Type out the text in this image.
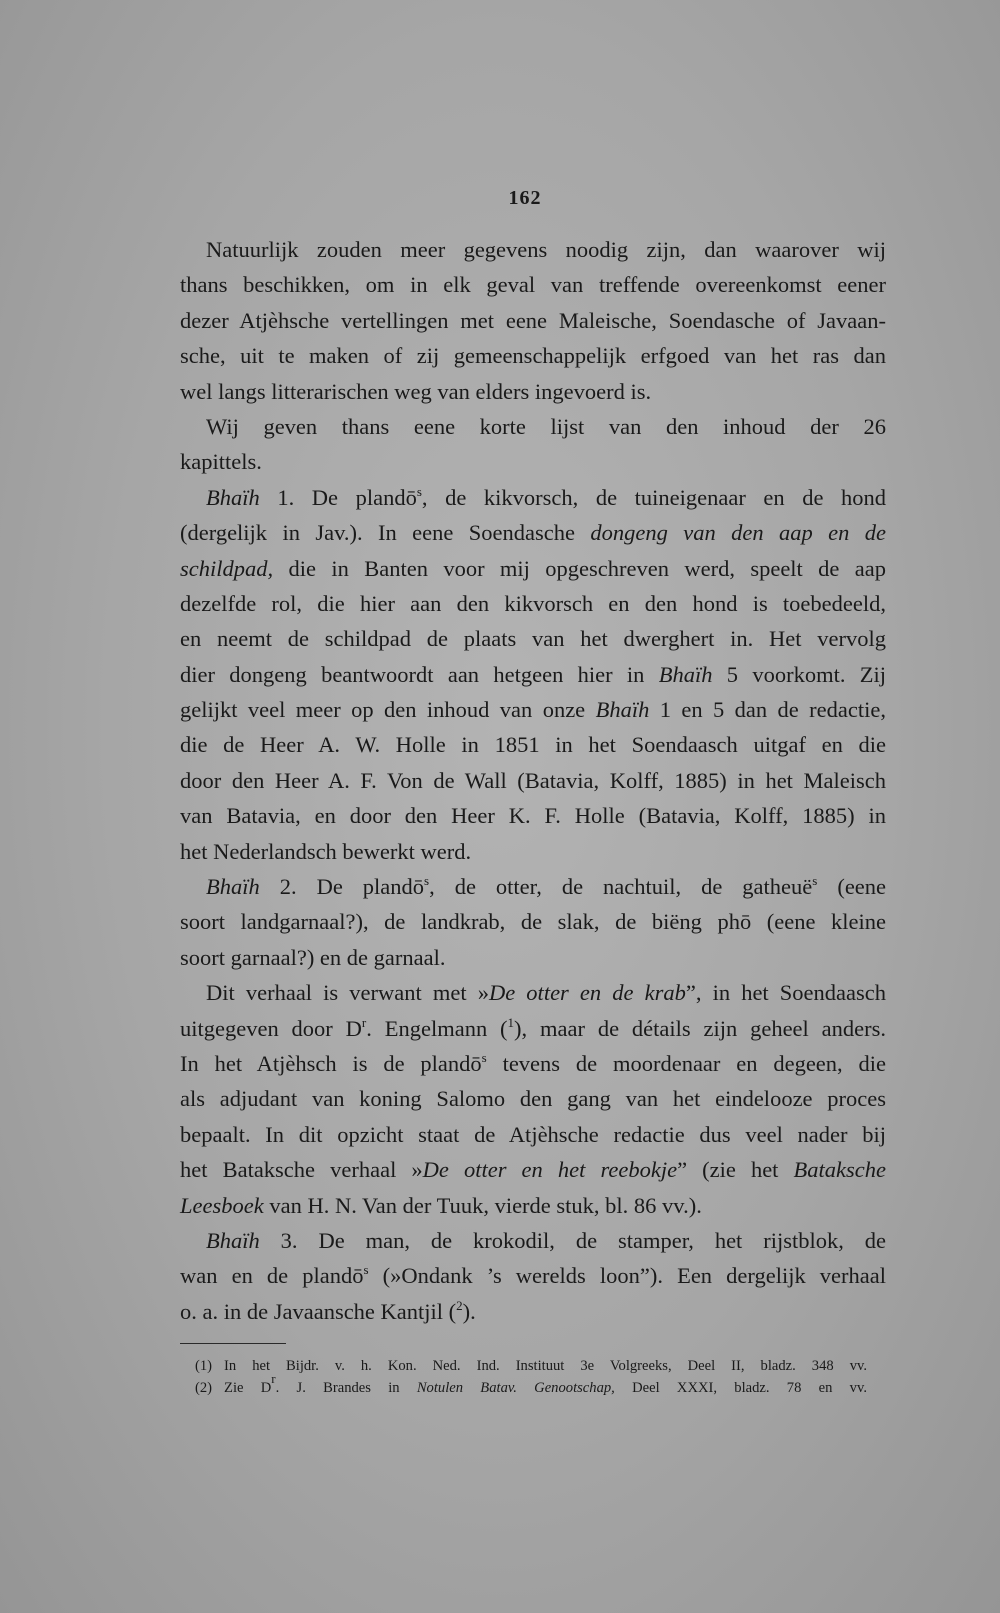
162
Natuurlijk zouden meer gegevens noodig zijn, dan waarover wij
thans beschikken, om in elk geval van treffende overeenkomst eener
dezer Atjèhsche vertellingen met eene Maleische, Soendasche of Javaan-
sche, uit te maken of zij gemeenschappelijk erfgoed van het ras dan
wel langs litterarischen weg van elders ingevoerd is.
Wij geven thans eene korte lijst van den inhoud der 26
kapittels.
Bhaïh 1. De plandō$^s$, de kikvorsch, de tuineigenaar en de hond
(dergelijk in Jav.). In eene Soendasche dongeng van den aap en de
schildpad, die in Banten voor mij opgeschreven werd, speelt de aap
dezelfde rol, die hier aan den kikvorsch en den hond is toebedeeld,
en neemt de schildpad de plaats van het dwerghert in. Het vervolg
dier dongeng beantwoordt aan hetgeen hier in Bhaïh 5 voorkomt. Zij
gelijkt veel meer op den inhoud van onze Bhaïh 1 en 5 dan de redactie,
die de Heer A. W. Holle in 1851 in het Soendaasch uitgaf en die
door den Heer A. F. Von de Wall (Batavia, Kolff, 1885) in het Maleisch
van Batavia, en door den Heer K. F. Holle (Batavia, Kolff, 1885) in
het Nederlandsch bewerkt werd.
Bhaïh 2. De plandō$^s$, de otter, de nachtuil, de gatheuë$^s$ (eene
soort landgarnaal?), de landkrab, de slak, de biëng phō (eene kleine
soort garnaal?) en de garnaal.
Dit verhaal is verwant met »De otter en de krab”, in het Soendaasch
uitgegeven door $D^r$. Engelmann ($^1$), maar de détails zijn geheel anders.
In het Atjèhsch is de plandō$^s$ tevens de moordenaar en degeen, die
als adjudant van koning Salomo den gang van het eindelooze proces
bepaalt. In dit opzicht staat de Atjèhsche redactie dus veel nader bij
het Bataksche verhaal »De otter en het reebokje” (zie het Bataksche
Leesboek van H. N. Van der Tuuk, vierde stuk, bl. 86 vv.).
Bhaïh 3. De man, de krokodil, de stamper, het rijstblok, de
wan en de plandō$^s$ (»Ondank ’s werelds loon”). Een dergelijk verhaal
o. a. in de Javaansche Kantjil ($^2$).
(1) In het Bijdr. v. h. Kon. Ned. Ind. Instituut 3e Volgreeks, Deel II, bladz. 348 vv.
(2) Zie Dr. J. Brandes in Notulen Batav. Genootschap, Deel XXXI, bladz. 78 en vv.
